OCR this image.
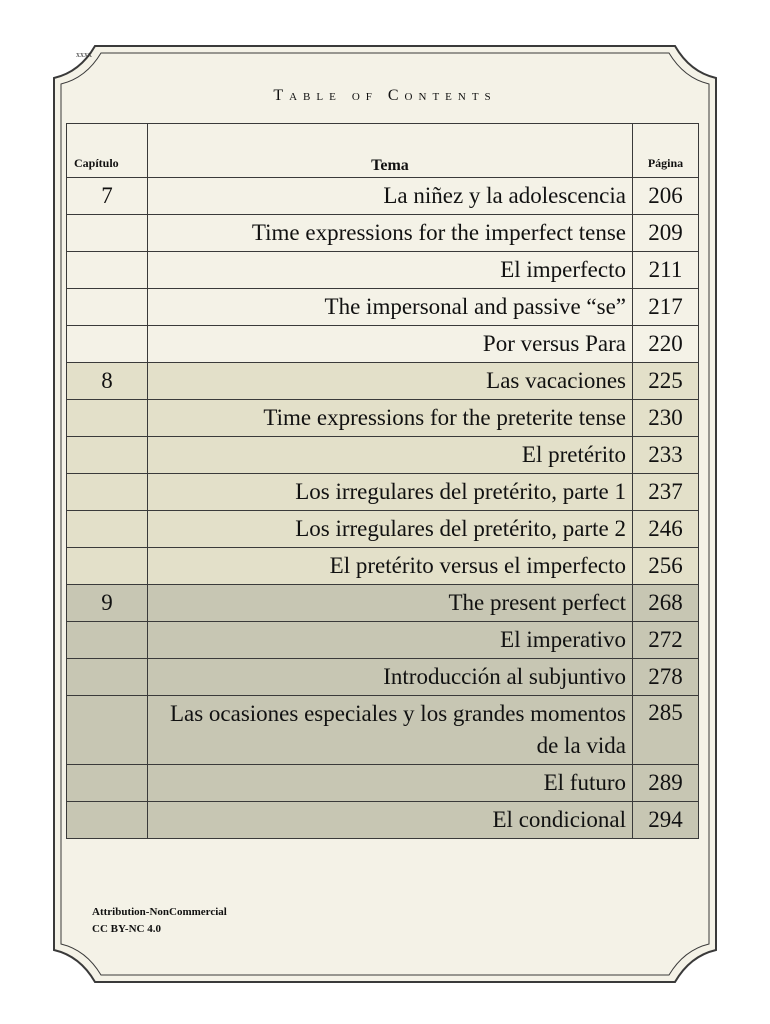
xxxx
Table of Contents
Capítulo	Tema	Página
7	La niñez y la adolescencia	206
	Time expressions for the imperfect tense	209
	El imperfecto	211
	The impersonal and passive “se”	217
	Por versus Para	220
8	Las vacaciones	225
	Time expressions for the preterite tense	230
	El pretérito	233
	Los irregulares del pretérito, parte 1	237
	Los irregulares del pretérito, parte 2	246
	El pretérito versus el imperfecto	256
9	The present perfect	268
	El imperativo	272
	Introducción al subjuntivo	278
	Las ocasiones especiales y los grandes momentos de la vida	285
	El futuro	289
	El condicional	294
Attribution-NonCommercial
CC BY-NC 4.0
